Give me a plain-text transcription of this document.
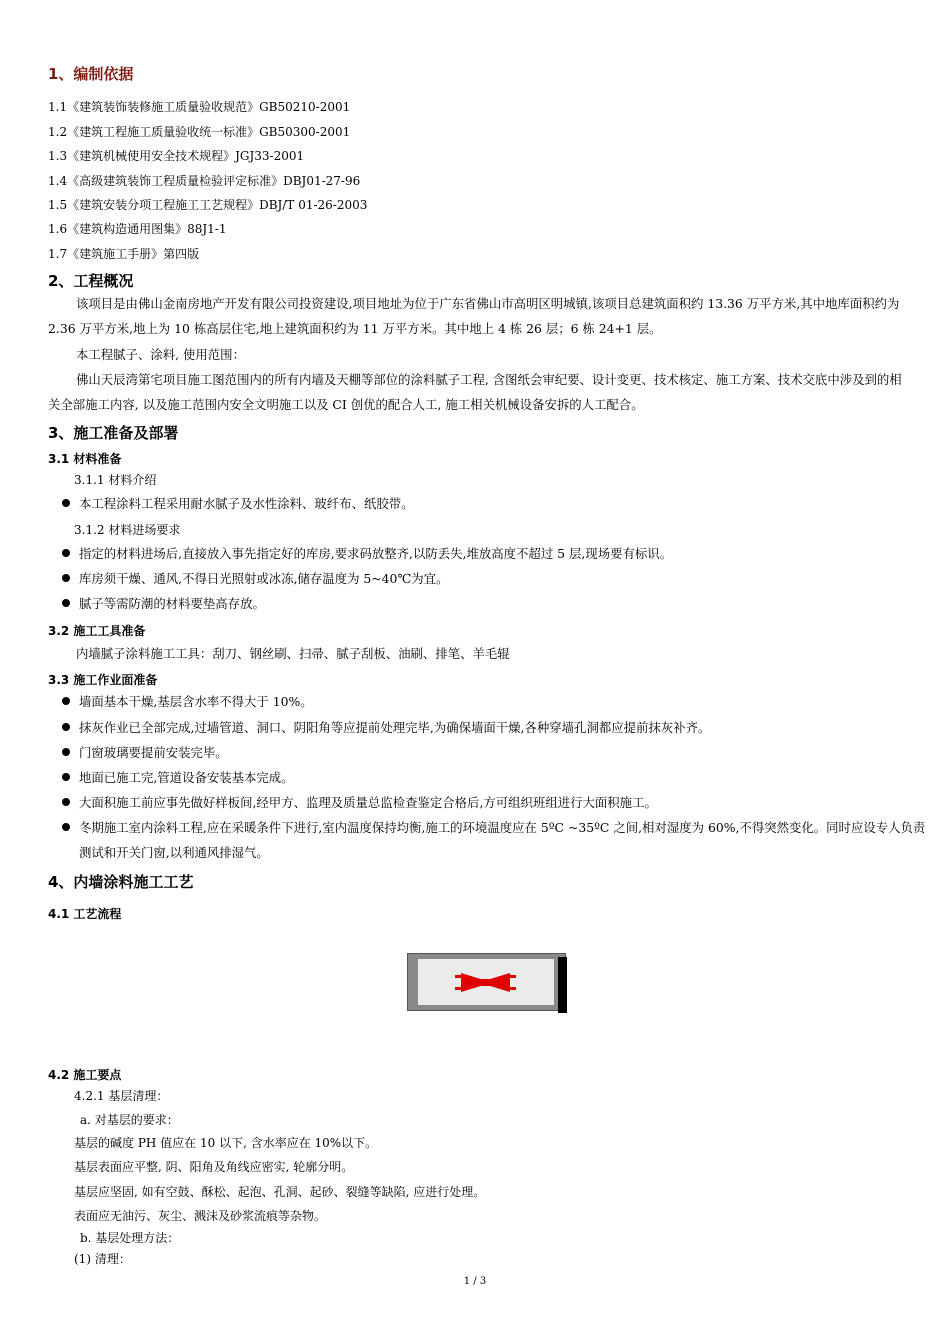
1、编制依据
1.1《建筑装饰装修施工质量验收规范》GB50210-2001
1.2《建筑工程施工质量验收统一标准》GB50300-2001
1.3《建筑机械使用安全技术规程》JGJ33-2001
1.4《高级建筑装饰工程质量检验评定标准》DBJ01-27-96
1.5《建筑安装分项工程施工工艺规程》DBJ/T 01-26-2003
1.6《建筑构造通用图集》88J1-1
1.7《建筑施工手册》第四版
2、工程概况
该项目是由佛山金南房地产开发有限公司投资建设,项目地址为位于广东省佛山市高明区明城镇,该项目总建筑面积约 13.36 万平方米,其中地库面积约为 2.36 万平方米,地上为 10 栋高层住宅,地上建筑面积约为 11 万平方米。其中地上 4 栋 26 层；6 栋 24+1 层。
本工程腻子、涂料, 使用范围：
佛山天辰湾第宅项目施工图范围内的所有内墙及天棚等部位的涂料腻子工程, 含图纸会审纪要、设计变更、技术核定、施工方案、技术交底中涉及到的相关全部施工内容, 以及施工范围内安全文明施工以及 CI 创优的配合人工, 施工相关机械设备安拆的人工配合。
3、施工准备及部署
3.1 材料准备
3.1.1 材料介绍
本工程涂料工程采用耐水腻子及水性涂料、玻纤布、纸胶带。
3.1.2 材料进场要求
指定的材料进场后,直接放入事先指定好的库房,要求码放整齐,以防丢失,堆放高度不超过 5 层,现场要有标识。
库房须干燥、通风,不得日光照射或冰冻,储存温度为 5~40℃为宜。
腻子等需防潮的材料要垫高存放。
3.2 施工工具准备
内墙腻子涂料施工工具：刮刀、钢丝刷、扫帚、腻子刮板、油刷、排笔、羊毛辊
3.3 施工作业面准备
墙面基本干燥,基层含水率不得大于 10%。
抹灰作业已全部完成,过墙管道、洞口、阴阳角等应提前处理完毕,为确保墙面干燥,各种穿墙孔洞都应提前抹灰补齐。
门窗玻璃要提前安装完毕。
地面已施工完,管道设备安装基本完成。
大面积施工前应事先做好样板间,经甲方、监理及质量总监检查鉴定合格后,方可组织班组进行大面积施工。
冬期施工室内涂料工程,应在采暖条件下进行,室内温度保持均衡,施工的环境温度应在 5ºC ~35ºC 之间,相对湿度为 60%,不得突然变化。同时应设专人负责测试和开关门窗,以利通风排湿气。
4、内墙涂料施工工艺
4.1 工艺流程
4.2 施工要点
4.2.1 基层清理：
a. 对基层的要求：
基层的碱度 PH 值应在 10 以下, 含水率应在 10%以下。
基层表面应平整, 阴、阳角及角线应密实, 轮廓分明。
基层应坚固, 如有空鼓、酥松、起泡、孔洞、起砂、裂缝等缺陷, 应进行处理。
表面应无油污、灰尘、溅沫及砂浆流痕等杂物。
b. 基层处理方法：
(1) 清理：
1 / 3
